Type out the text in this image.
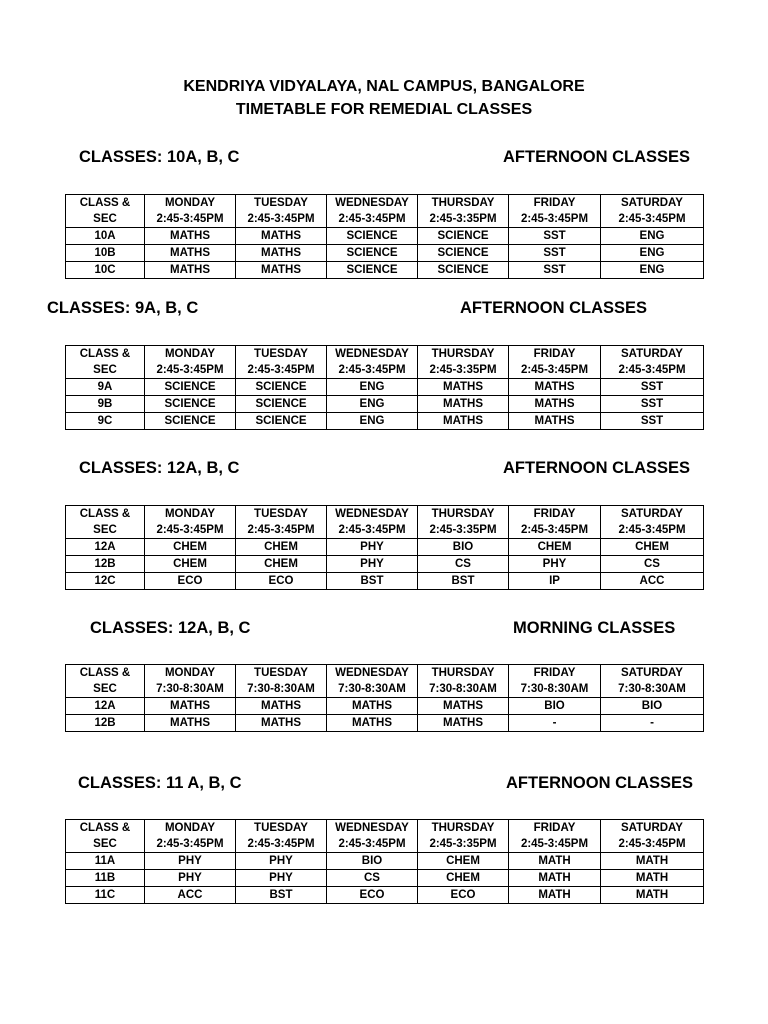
KENDRIYA VIDYALAYA, NAL CAMPUS, BANGALORE
TIMETABLE FOR REMEDIAL CLASSES
CLASSES: 10A, B, C	AFTERNOON CLASSES
CLASS &	MONDAY	TUESDAY	WEDNESDAY	THURSDAY	FRIDAY	SATURDAY
SEC	2:45-3:45PM	2:45-3:45PM	2:45-3:45PM	2:45-3:35PM	2:45-3:45PM	2:45-3:45PM
10A	MATHS	MATHS	SCIENCE	SCIENCE	SST	ENG
10B	MATHS	MATHS	SCIENCE	SCIENCE	SST	ENG
10C	MATHS	MATHS	SCIENCE	SCIENCE	SST	ENG
CLASSES: 9A, B, C	AFTERNOON CLASSES
CLASS &	MONDAY	TUESDAY	WEDNESDAY	THURSDAY	FRIDAY	SATURDAY
SEC	2:45-3:45PM	2:45-3:45PM	2:45-3:45PM	2:45-3:35PM	2:45-3:45PM	2:45-3:45PM
9A	SCIENCE	SCIENCE	ENG	MATHS	MATHS	SST
9B	SCIENCE	SCIENCE	ENG	MATHS	MATHS	SST
9C	SCIENCE	SCIENCE	ENG	MATHS	MATHS	SST
CLASSES: 12A, B, C	AFTERNOON CLASSES
CLASS &	MONDAY	TUESDAY	WEDNESDAY	THURSDAY	FRIDAY	SATURDAY
SEC	2:45-3:45PM	2:45-3:45PM	2:45-3:45PM	2:45-3:35PM	2:45-3:45PM	2:45-3:45PM
12A	CHEM	CHEM	PHY	BIO	CHEM	CHEM
12B	CHEM	CHEM	PHY	CS	PHY	CS
12C	ECO	ECO	BST	BST	IP	ACC
CLASSES: 12A, B, C	MORNING CLASSES
CLASS &	MONDAY	TUESDAY	WEDNESDAY	THURSDAY	FRIDAY	SATURDAY
SEC	7:30-8:30AM	7:30-8:30AM	7:30-8:30AM	7:30-8:30AM	7:30-8:30AM	7:30-8:30AM
12A	MATHS	MATHS	MATHS	MATHS	BIO	BIO
12B	MATHS	MATHS	MATHS	MATHS	-	-
CLASSES: 11 A, B, C	AFTERNOON CLASSES
CLASS &	MONDAY	TUESDAY	WEDNESDAY	THURSDAY	FRIDAY	SATURDAY
SEC	2:45-3:45PM	2:45-3:45PM	2:45-3:45PM	2:45-3:35PM	2:45-3:45PM	2:45-3:45PM
11A	PHY	PHY	BIO	CHEM	MATH	MATH
11B	PHY	PHY	CS	CHEM	MATH	MATH
11C	ACC	BST	ECO	ECO	MATH	MATH
